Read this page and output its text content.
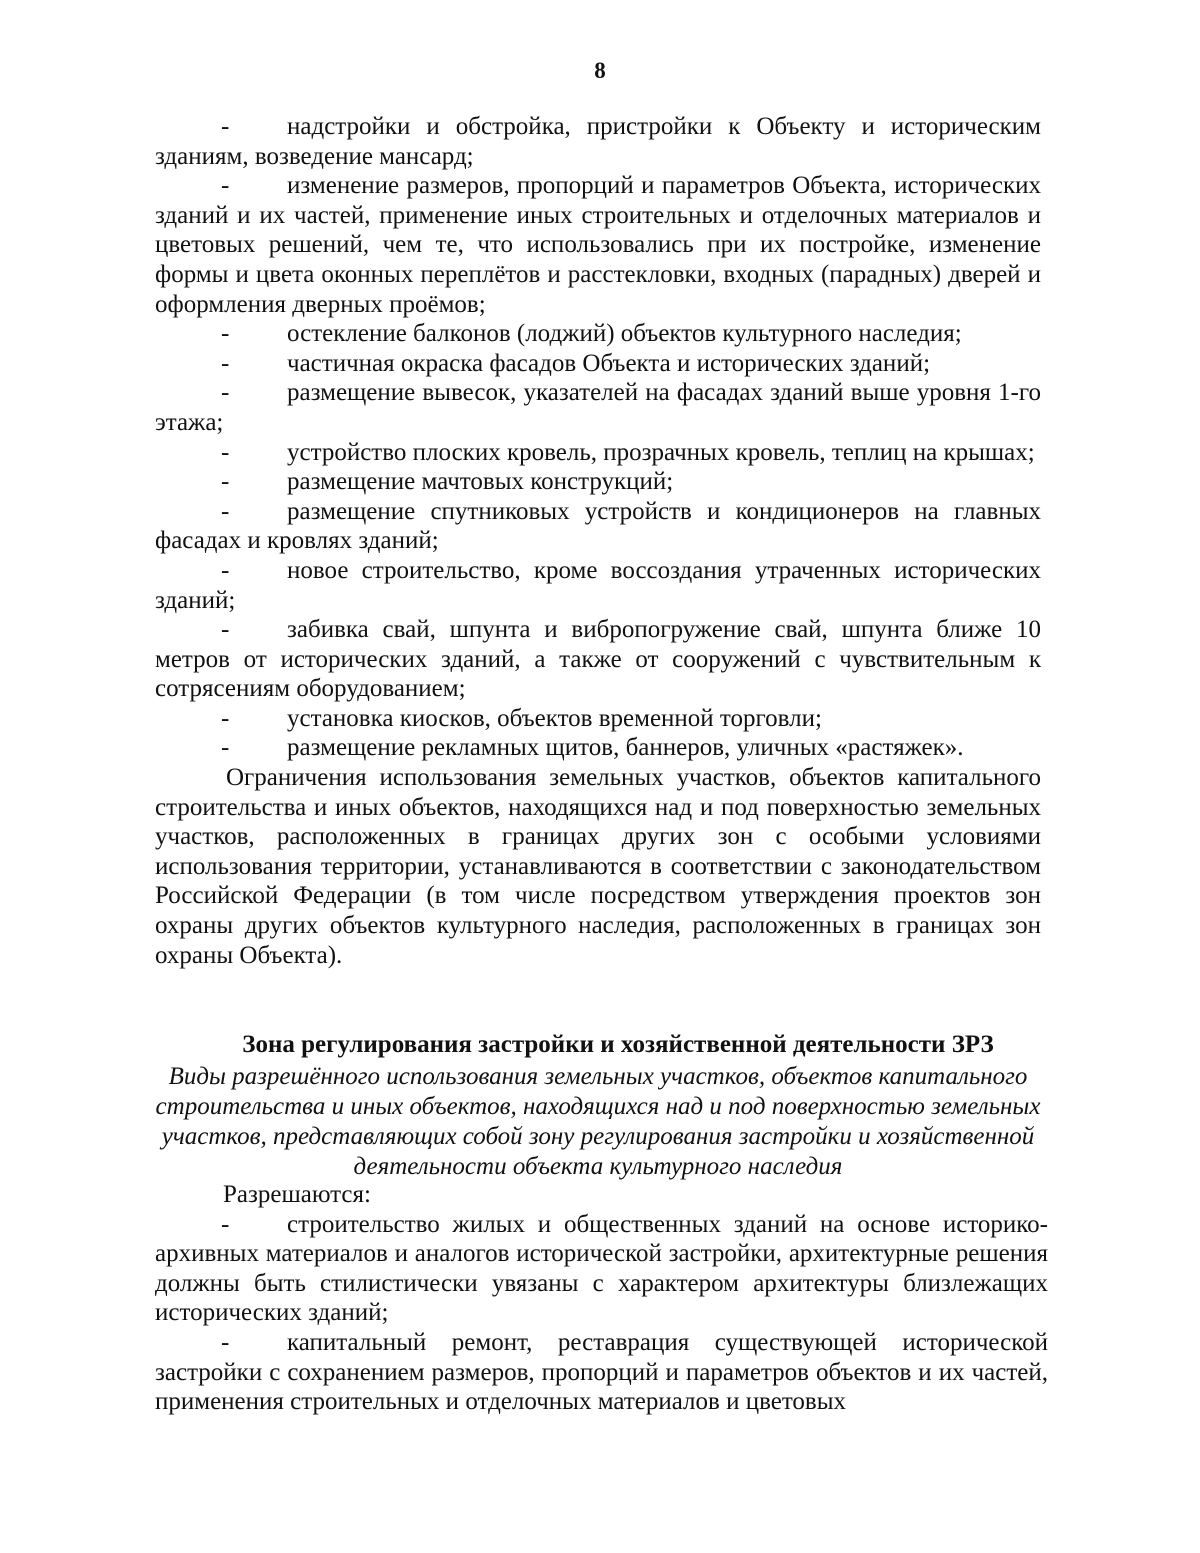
8

- надстройки и обстройка, пристройки к Объекту и историческим зданиям, возведение мансард;

- изменение размеров, пропорций и параметров Объекта, исторических зданий и их частей, применение иных строительных и отделочных материалов и цветовых решений, чем те, что использовались при их постройке, изменение формы и цвета оконных переплётов и расстекловки, входных (парадных) дверей и оформления дверных проёмов;

- остекление балконов (лоджий) объектов культурного наследия;

- частичная окраска фасадов Объекта и исторических зданий;

- размещение вывесок, указателей на фасадах зданий выше уровня 1-го этажа;

- устройство плоских кровель, прозрачных кровель, теплиц на крышах;

- размещение мачтовых конструкций;

- размещение спутниковых устройств и кондиционеров на главных фасадах и кровлях зданий;

- новое строительство, кроме воссоздания утраченных исторических зданий;

- забивка свай, шпунта и вибропогружение свай, шпунта ближе 10 метров от исторических зданий, а также от сооружений с чувствительным к сотрясениям оборудованием;

- установка киосков, объектов временной торговли;

- размещение рекламных щитов, баннеров, уличных «растяжек».

Ограничения использования земельных участков, объектов капитального строительства и иных объектов, находящихся над и под поверхностью земельных участков, расположенных в границах других зон с особыми условиями использования территории, устанавливаются в соответствии с законодательством Российской Федерации (в том числе посредством утверждения проектов зон охраны других объектов культурного наследия, расположенных в границах зон охраны Объекта).

Зона регулирования застройки и хозяйственной деятельности ЗРЗ
Виды разрешённого использования земельных участков, объектов капитального строительства и иных объектов, находящихся над и под поверхностью земельных участков, представляющих собой зону регулирования застройки и хозяйственной деятельности объекта культурного наследия

Разрешаются:

- строительство жилых и общественных зданий на основе историко-архивных материалов и аналогов исторической застройки, архитектурные решения должны быть стилистически увязаны с характером архитектуры близлежащих исторических зданий;

- капитальный ремонт, реставрация существующей исторической застройки с сохранением размеров, пропорций и параметров объектов и их частей, применения строительных и отделочных материалов и цветовых
